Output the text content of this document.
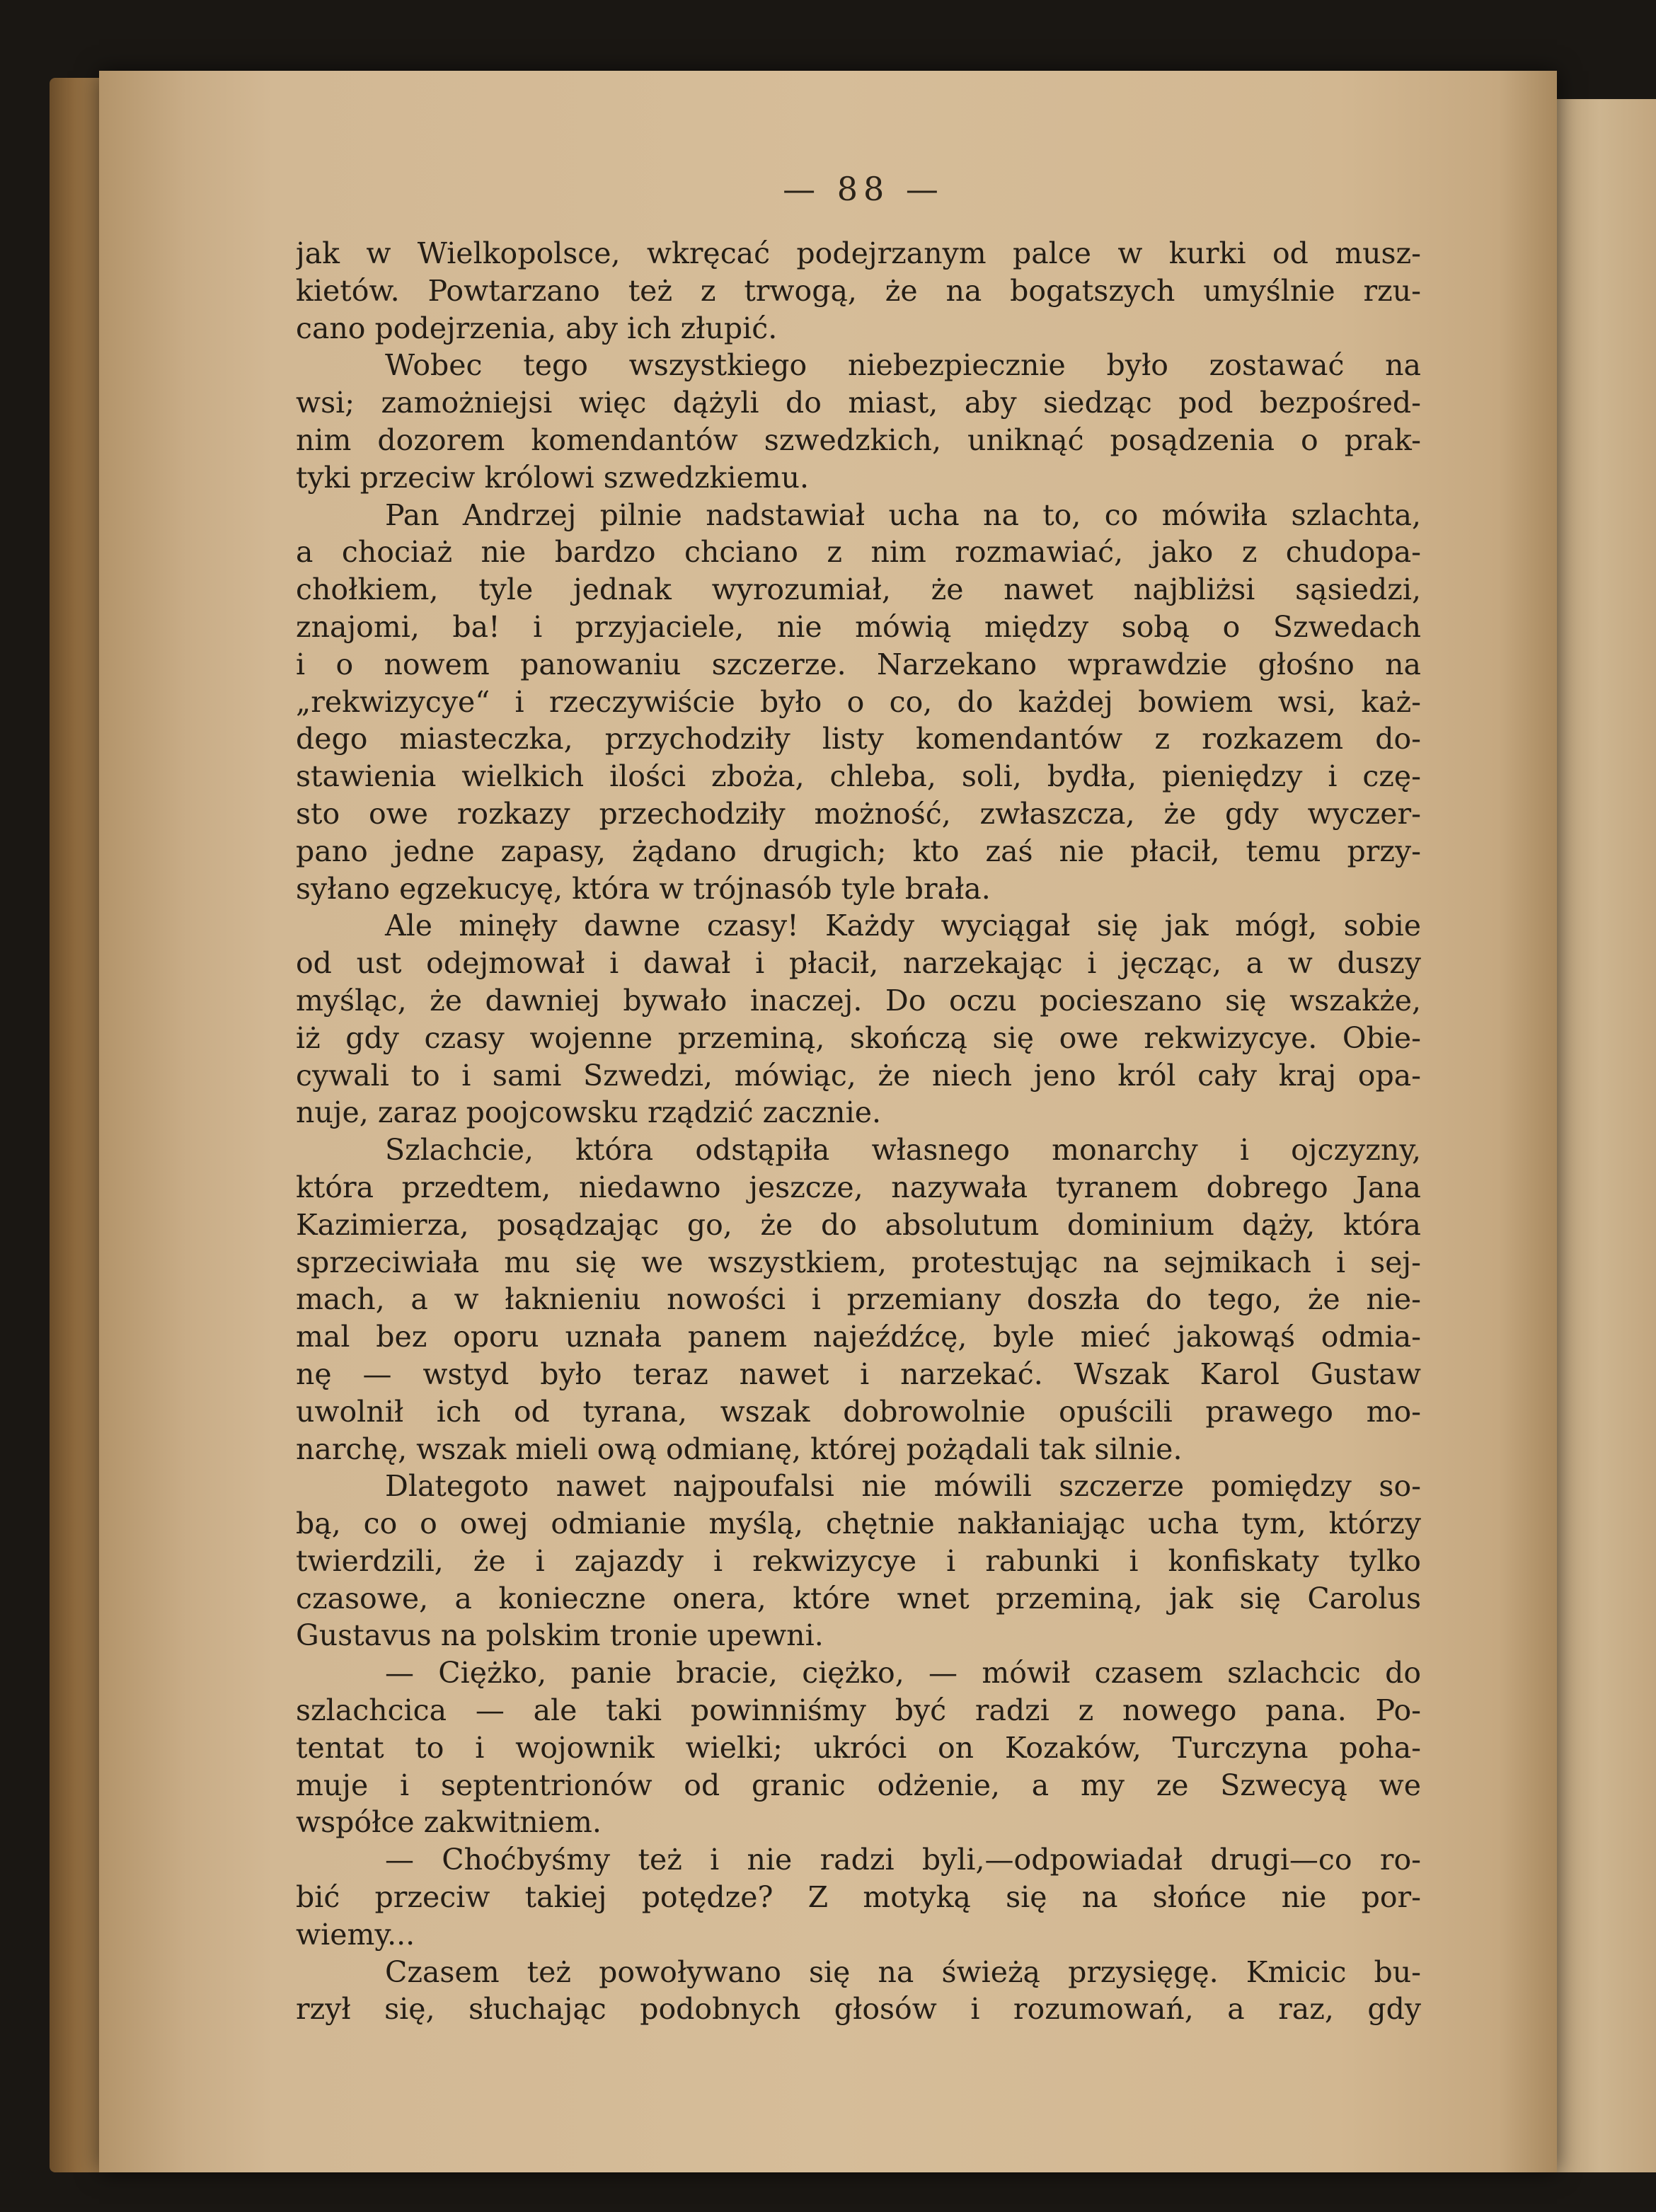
— 88 —
jak w Wielkopolsce, wkręcać podejrzanym palce w kurki od musz-
kietów. Powtarzano też z trwogą, że na bogatszych umyślnie rzu-
cano podejrzenia, aby ich złupić.
Wobec tego wszystkiego niebezpiecznie było zostawać na
wsi; zamożniejsi więc dążyli do miast, aby siedząc pod bezpośred-
nim dozorem komendantów szwedzkich, uniknąć posądzenia o prak-
tyki przeciw królowi szwedzkiemu.
Pan Andrzej pilnie nadstawiał ucha na to, co mówiła szlachta,
a chociaż nie bardzo chciano z nim rozmawiać, jako z chudopa-
chołkiem, tyle jednak wyrozumiał, że nawet najbliżsi sąsiedzi,
znajomi, ba! i przyjaciele, nie mówią między sobą o Szwedach
i o nowem panowaniu szczerze. Narzekano wprawdzie głośno na
„rekwizycye“ i rzeczywiście było o co, do każdej bowiem wsi, każ-
dego miasteczka, przychodziły listy komendantów z rozkazem do-
stawienia wielkich ilości zboża, chleba, soli, bydła, pieniędzy i czę-
sto owe rozkazy przechodziły możność, zwłaszcza, że gdy wyczer-
pano jedne zapasy, żądano drugich; kto zaś nie płacił, temu przy-
syłano egzekucyę, która w trójnasób tyle brała.
Ale minęły dawne czasy! Każdy wyciągał się jak mógł, sobie
od ust odejmował i dawał i płacił, narzekając i jęcząc, a w duszy
myśląc, że dawniej bywało inaczej. Do oczu pocieszano się wszakże,
iż gdy czasy wojenne przeminą, skończą się owe rekwizycye. Obie-
cywali to i sami Szwedzi, mówiąc, że niech jeno król cały kraj opa-
nuje, zaraz poojcowsku rządzić zacznie.
Szlachcie, która odstąpiła własnego monarchy i ojczyzny,
która przedtem, niedawno jeszcze, nazywała tyranem dobrego Jana
Kazimierza, posądzając go, że do absolutum dominium dąży, która
sprzeciwiała mu się we wszystkiem, protestując na sejmikach i sej-
mach, a w łaknieniu nowości i przemiany doszła do tego, że nie-
mal bez oporu uznała panem najeźdźcę, byle mieć jakowąś odmia-
nę — wstyd było teraz nawet i narzekać. Wszak Karol Gustaw
uwolnił ich od tyrana, wszak dobrowolnie opuścili prawego mo-
narchę, wszak mieli ową odmianę, której pożądali tak silnie.
Dlategoto nawet najpoufalsi nie mówili szczerze pomiędzy so-
bą, co o owej odmianie myślą, chętnie nakłaniając ucha tym, którzy
twierdzili, że i zajazdy i rekwizycye i rabunki i konfiskaty tylko
czasowe, a konieczne onera, które wnet przeminą, jak się Carolus
Gustavus na polskim tronie upewni.
— Ciężko, panie bracie, ciężko, — mówił czasem szlachcic do
szlachcica — ale taki powinniśmy być radzi z nowego pana. Po-
tentat to i wojownik wielki; ukróci on Kozaków, Turczyna poha-
muje i septentrionów od granic odżenie, a my ze Szwecyą we
współce zakwitniem.
— Choćbyśmy też i nie radzi byli,—odpowiadał drugi—co ro-
bić przeciw takiej potędze? Z motyką się na słońce nie por-
wiemy...
Czasem też powoływano się na świeżą przysięgę. Kmicic bu-
rzył się, słuchając podobnych głosów i rozumowań, a raz, gdy
